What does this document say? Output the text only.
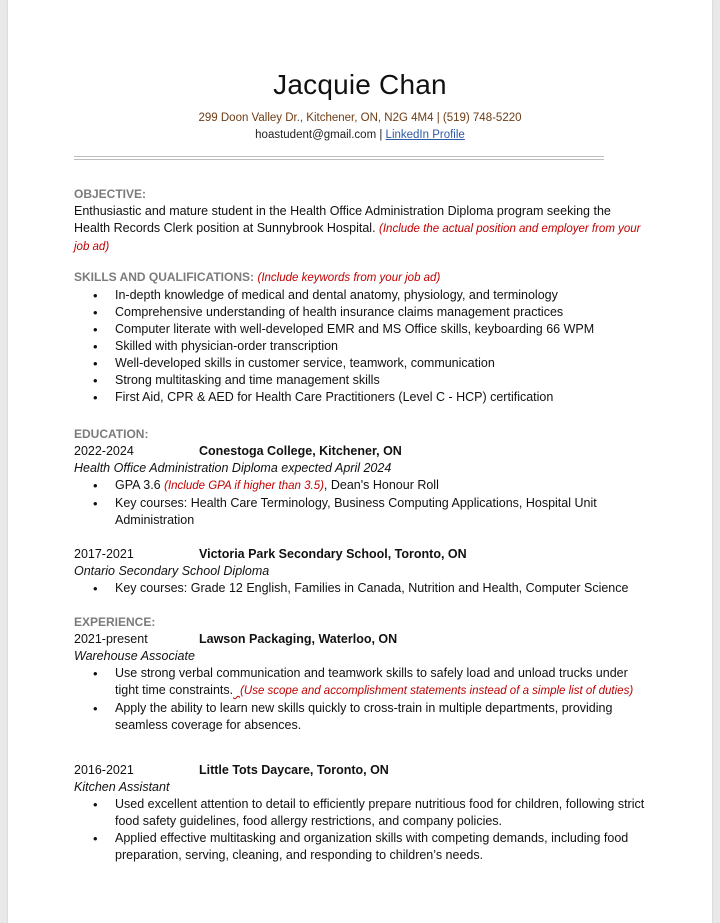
Jacquie Chan
299 Doon Valley Dr., Kitchener, ON, N2G 4M4 | (519) 748-5220
hoastudent@gmail.com | LinkedIn Profile
OBJECTIVE:
Enthusiastic and mature student in the Health Office Administration Diploma program seeking the Health Records Clerk position at Sunnybrook Hospital. (Include the actual position and employer from your job ad)
SKILLS AND QUALIFICATIONS: (Include keywords from your job ad)
• In-depth knowledge of medical and dental anatomy, physiology, and terminology
• Comprehensive understanding of health insurance claims management practices
• Computer literate with well-developed EMR and MS Office skills, keyboarding 66 WPM
• Skilled with physician-order transcription
• Well-developed skills in customer service, teamwork, communication
• Strong multitasking and time management skills
• First Aid, CPR & AED for Health Care Practitioners (Level C - HCP) certification
EDUCATION:
2022-2024	Conestoga College, Kitchener, ON
Health Office Administration Diploma expected April 2024
• GPA 3.6 (Include GPA if higher than 3.5), Dean's Honour Roll
• Key courses: Health Care Terminology, Business Computing Applications, Hospital Unit Administration
2017-2021	Victoria Park Secondary School, Toronto, ON
Ontario Secondary School Diploma
• Key courses: Grade 12 English, Families in Canada, Nutrition and Health, Computer Science
EXPERIENCE:
2021-present	Lawson Packaging, Waterloo, ON
Warehouse Associate
• Use strong verbal communication and teamwork skills to safely load and unload trucks under tight time constraints. (Use scope and accomplishment statements instead of a simple list of duties)
• Apply the ability to learn new skills quickly to cross-train in multiple departments, providing seamless coverage for absences.
2016-2021	Little Tots Daycare, Toronto, ON
Kitchen Assistant
• Used excellent attention to detail to efficiently prepare nutritious food for children, following strict food safety guidelines, food allergy restrictions, and company policies.
• Applied effective multitasking and organization skills with competing demands, including food preparation, serving, cleaning, and responding to children’s needs.
